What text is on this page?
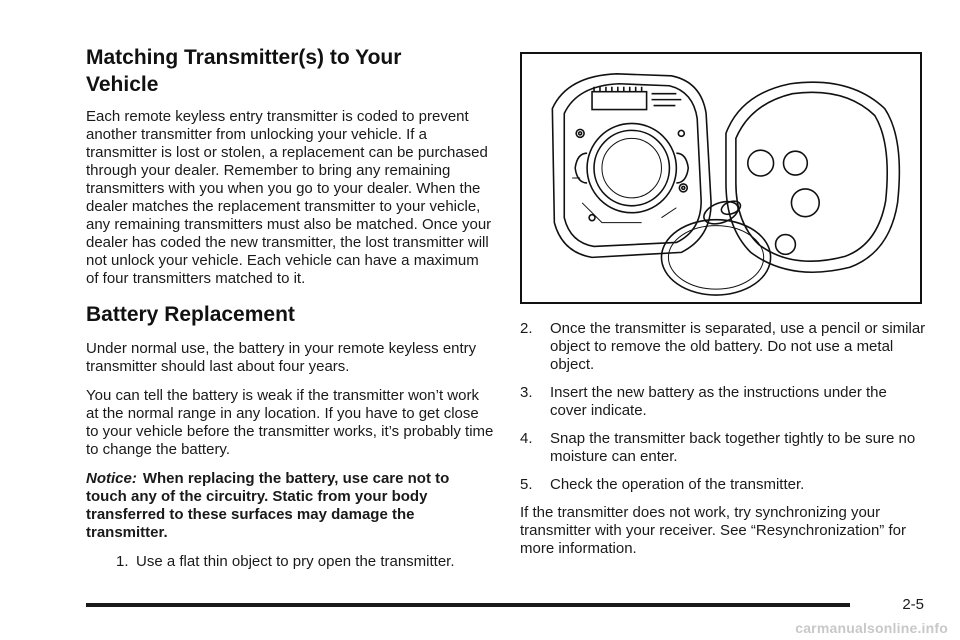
Matching Transmitter(s) to Your
Vehicle

Each remote keyless entry transmitter is coded to prevent another transmitter from unlocking your vehicle. If a transmitter is lost or stolen, a replacement can be purchased through your dealer. Remember to bring any remaining transmitters with you when you go to your dealer. When the dealer matches the replacement transmitter to your vehicle, any remaining transmitters must also be matched. Once your dealer has coded the new transmitter, the lost transmitter will not unlock your vehicle. Each vehicle can have a maximum of four transmitters matched to it.

Battery Replacement

Under normal use, the battery in your remote keyless entry transmitter should last about four years.

You can tell the battery is weak if the transmitter won’t work at the normal range in any location. If you have to get close to your vehicle before the transmitter works, it’s probably time to change the battery.

Notice: When replacing the battery, use care not to touch any of the circuitry. Static from your body transferred to these surfaces may damage the transmitter.

1. Use a flat thin object to pry open the transmitter.
2.	Once the transmitter is separated, use a pencil or similar object to remove the old battery. Do not use a metal object.
3.	Insert the new battery as the instructions under the cover indicate.
4.	Snap the transmitter back together tightly to be sure no moisture can enter.
5.	Check the operation of the transmitter.

If the transmitter does not work, try synchronizing your transmitter with your receiver. See “Resynchronization” for more information.

2-5
carmanualsonline.info
